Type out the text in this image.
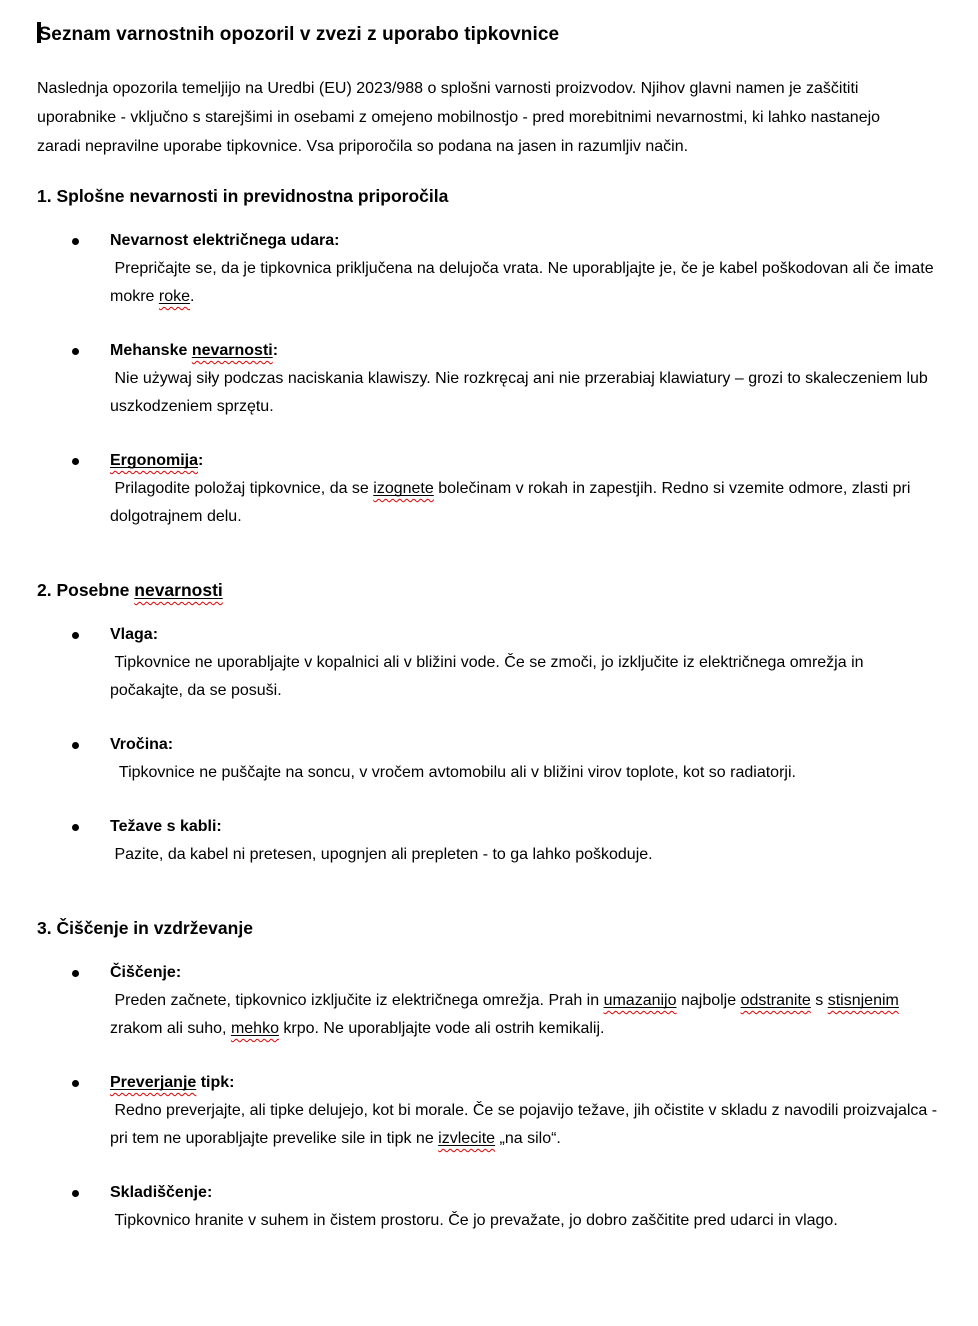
Seznam varnostnih opozoril v zvezi z uporabo tipkovnice
Naslednja opozorila temeljijo na Uredbi (EU) 2023/988 o splošni varnosti proizvodov. Njihov glavni namen je zaščititi uporabnike - vključno s starejšimi in osebami z omejeno mobilnostjo - pred morebitnimi nevarnostmi, ki lahko nastanejo zaradi nepravilne uporabe tipkovnice. Vsa priporočila so podana na jasen in razumljiv način.
1. Splošne nevarnosti in previdnostna priporočila
Nevarnost električnega udara:
Prepričajte se, da je tipkovnica priključena na delujoča vrata. Ne uporabljajte je, če je kabel poškodovan ali če imate mokre roke.
Mehanske nevarnosti:
Nie używaj siły podczas naciskania klawiszy. Nie rozkręcaj ani nie przerabiaj klawiatury – grozi to skaleczeniem lub uszkodzeniem sprzętu.
Ergonomija:
Prilagodite položaj tipkovnice, da se izognete bolečinam v rokah in zapestjih. Redno si vzemite odmore, zlasti pri dolgotrajnem delu.
2. Posebne nevarnosti
Vlaga:
Tipkovnice ne uporabljajte v kopalnici ali v bližini vode. Če se zmoči, jo izključite iz električnega omrežja in počakajte, da se posuši.
Vročina:
Tipkovnice ne puščajte na soncu, v vročem avtomobilu ali v bližini virov toplote, kot so radiatorji.
Težave s kabli:
Pazite, da kabel ni pretesen, upognjen ali prepleten - to ga lahko poškoduje.
3. Čiščenje in vzdrževanje
Čiščenje:
Preden začnete, tipkovnico izključite iz električnega omrežja. Prah in umazanijo najbolje odstranite s stisnjenim zrakom ali suho, mehko krpo. Ne uporabljajte vode ali ostrih kemikalij.
Preverjanje tipk:
Redno preverjajte, ali tipke delujejo, kot bi morale. Če se pojavijo težave, jih očistite v skladu z navodili proizvajalca - pri tem ne uporabljajte prevelike sile in tipk ne izvlecite „na silo“.
Skladiščenje:
Tipkovnico hranite v suhem in čistem prostoru. Če jo prevažate, jo dobro zaščitite pred udarci in vlago.
